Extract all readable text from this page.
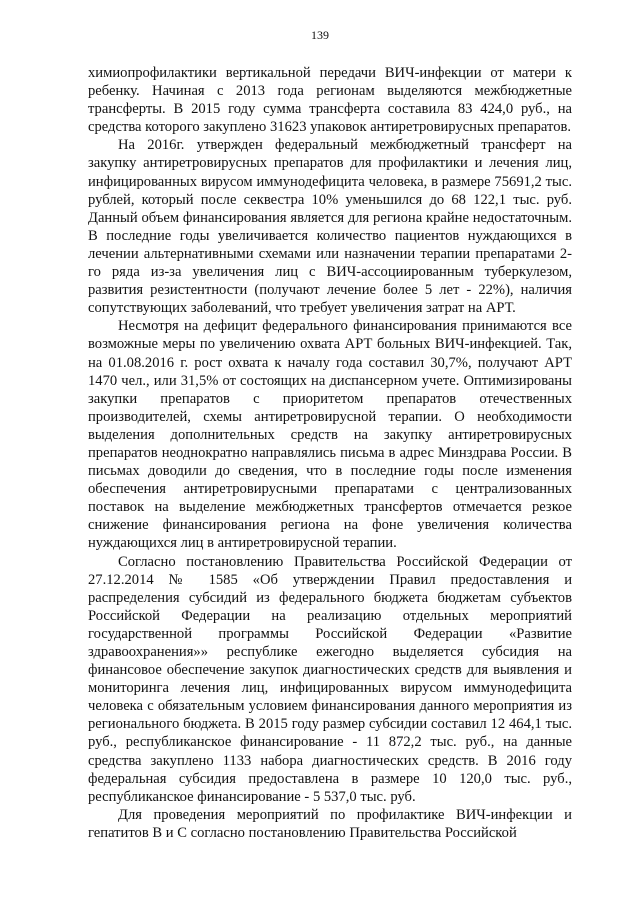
139

химиопрофилактики вертикальной передачи ВИЧ-инфекции от матери к ребенку. Начиная с 2013 года регионам выделяются межбюджетные трансферты. В 2015 году сумма трансферта составила 83 424,0 руб., на средства которого закуплено 31623 упаковок антиретровирусных препаратов.

На 2016г. утвержден федеральный межбюджетный трансферт на закупку антиретровирусных препаратов для профилактики и лечения лиц, инфицированных вирусом иммунодефицита человека, в размере 75691,2 тыс. рублей, который после секвестра 10% уменьшился до 68 122,1 тыс. руб. Данный объем финансирования является для региона крайне недостаточным. В последние годы увеличивается количество пациентов нуждающихся в лечении альтернативными схемами или назначении терапии препаратами 2-го ряда из-за увеличения лиц с ВИЧ-ассоциированным туберкулезом, развития резистентности (получают лечение более 5 лет - 22%), наличия сопутствующих заболеваний, что требует увеличения затрат на АРТ.

Несмотря на дефицит федерального финансирования принимаются все возможные меры по увеличению охвата АРТ больных ВИЧ-инфекцией. Так, на 01.08.2016 г. рост охвата к началу года составил 30,7%, получают АРТ 1470 чел., или 31,5% от состоящих на диспансерном учете. Оптимизированы закупки препаратов с приоритетом препаратов отечественных производителей, схемы антиретровирусной терапии. О необходимости выделения дополнительных средств на закупку антиретровирусных препаратов неоднократно направлялись письма в адрес Минздрава России. В письмах доводили до сведения, что в последние годы после изменения обеспечения антиретровирусными препаратами с централизованных поставок на выделение межбюджетных трансфертов отмечается резкое снижение финансирования региона на фоне увеличения количества нуждающихся лиц в антиретровирусной терапии.

Согласно постановлению Правительства Российской Федерации от 27.12.2014 № 1585 «Об утверждении Правил предоставления и распределения субсидий из федерального бюджета бюджетам субъектов Российской Федерации на реализацию отдельных мероприятий государственной программы Российской Федерации «Развитие здравоохранения»» республике ежегодно выделяется субсидия на финансовое обеспечение закупок диагностических средств для выявления и мониторинга лечения лиц, инфицированных вирусом иммунодефицита человека с обязательным условием финансирования данного мероприятия из регионального бюджета. В 2015 году размер субсидии составил 12 464,1 тыс. руб., республиканское финансирование - 11 872,2 тыс. руб., на данные средства закуплено 1133 набора диагностических средств. В 2016 году федеральная субсидия предоставлена в размере 10 120,0 тыс. руб., республиканское финансирование - 5 537,0 тыс. руб.

Для проведения мероприятий по профилактике ВИЧ-инфекции и гепатитов В и С согласно постановлению Правительства Российской
